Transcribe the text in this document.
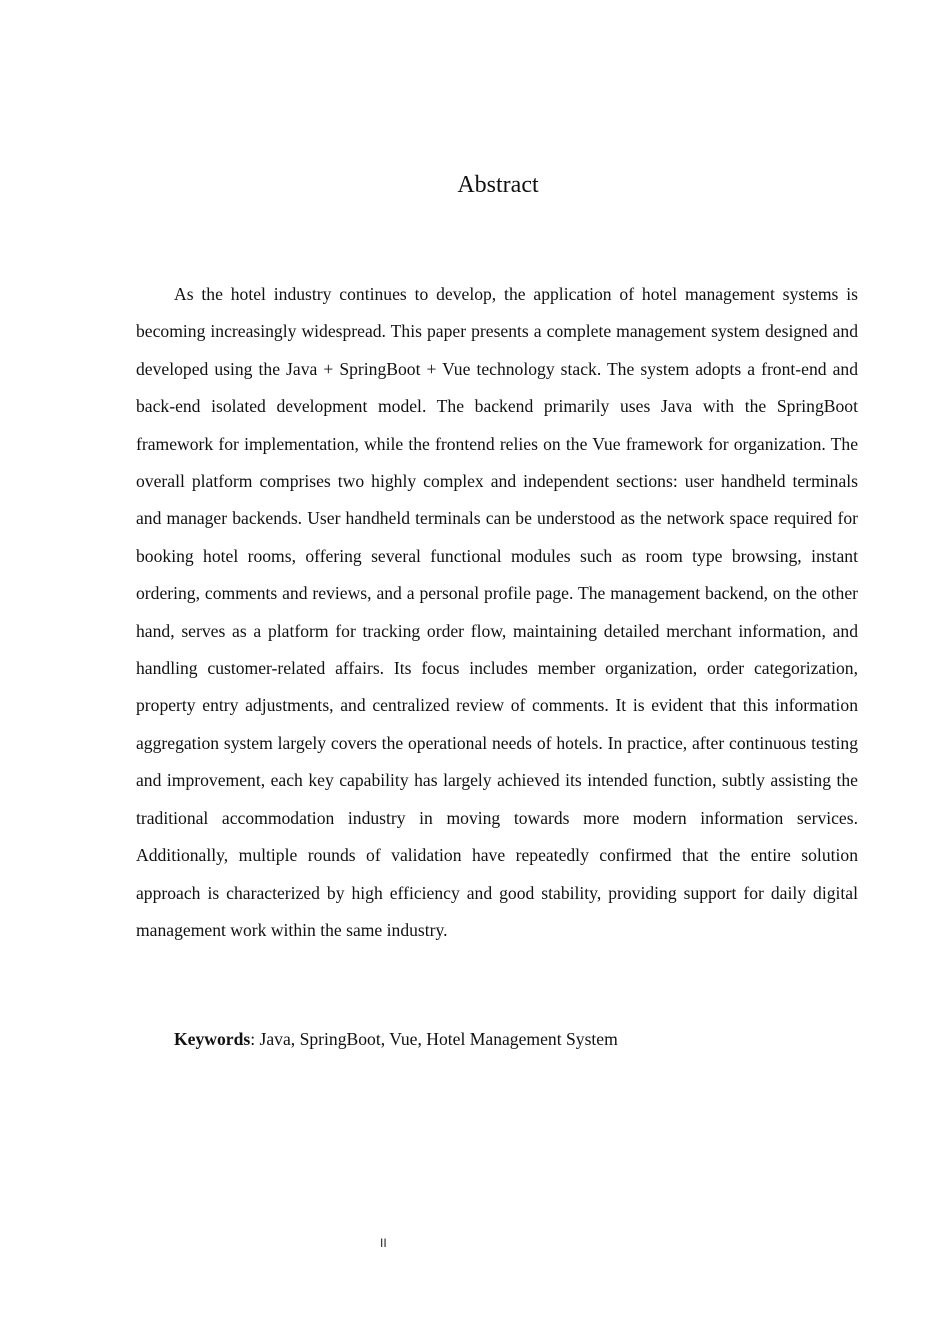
Abstract

As the hotel industry continues to develop, the application of hotel management systems is becoming increasingly widespread. This paper presents a complete management system designed and developed using the Java + SpringBoot + Vue technology stack. The system adopts a front-end and back-end isolated development model. The backend primarily uses Java with the SpringBoot framework for implementation, while the frontend relies on the Vue framework for organization. The overall platform comprises two highly complex and independent sections: user handheld terminals and manager backends. User handheld terminals can be understood as the network space required for booking hotel rooms, offering several functional modules such as room type browsing, instant ordering, comments and reviews, and a personal profile page. The management backend, on the other hand, serves as a platform for tracking order flow, maintaining detailed merchant information, and handling customer-related affairs. Its focus includes member organization, order categorization, property entry adjustments, and centralized review of comments. It is evident that this information aggregation system largely covers the operational needs of hotels. In practice, after continuous testing and improvement, each key capability has largely achieved its intended function, subtly assisting the traditional accommodation industry in moving towards more modern information services. Additionally, multiple rounds of validation have repeatedly confirmed that the entire solution approach is characterized by high efficiency and good stability, providing support for daily digital management work within the same industry.

Keywords: Java, SpringBoot, Vue, Hotel Management System

II
